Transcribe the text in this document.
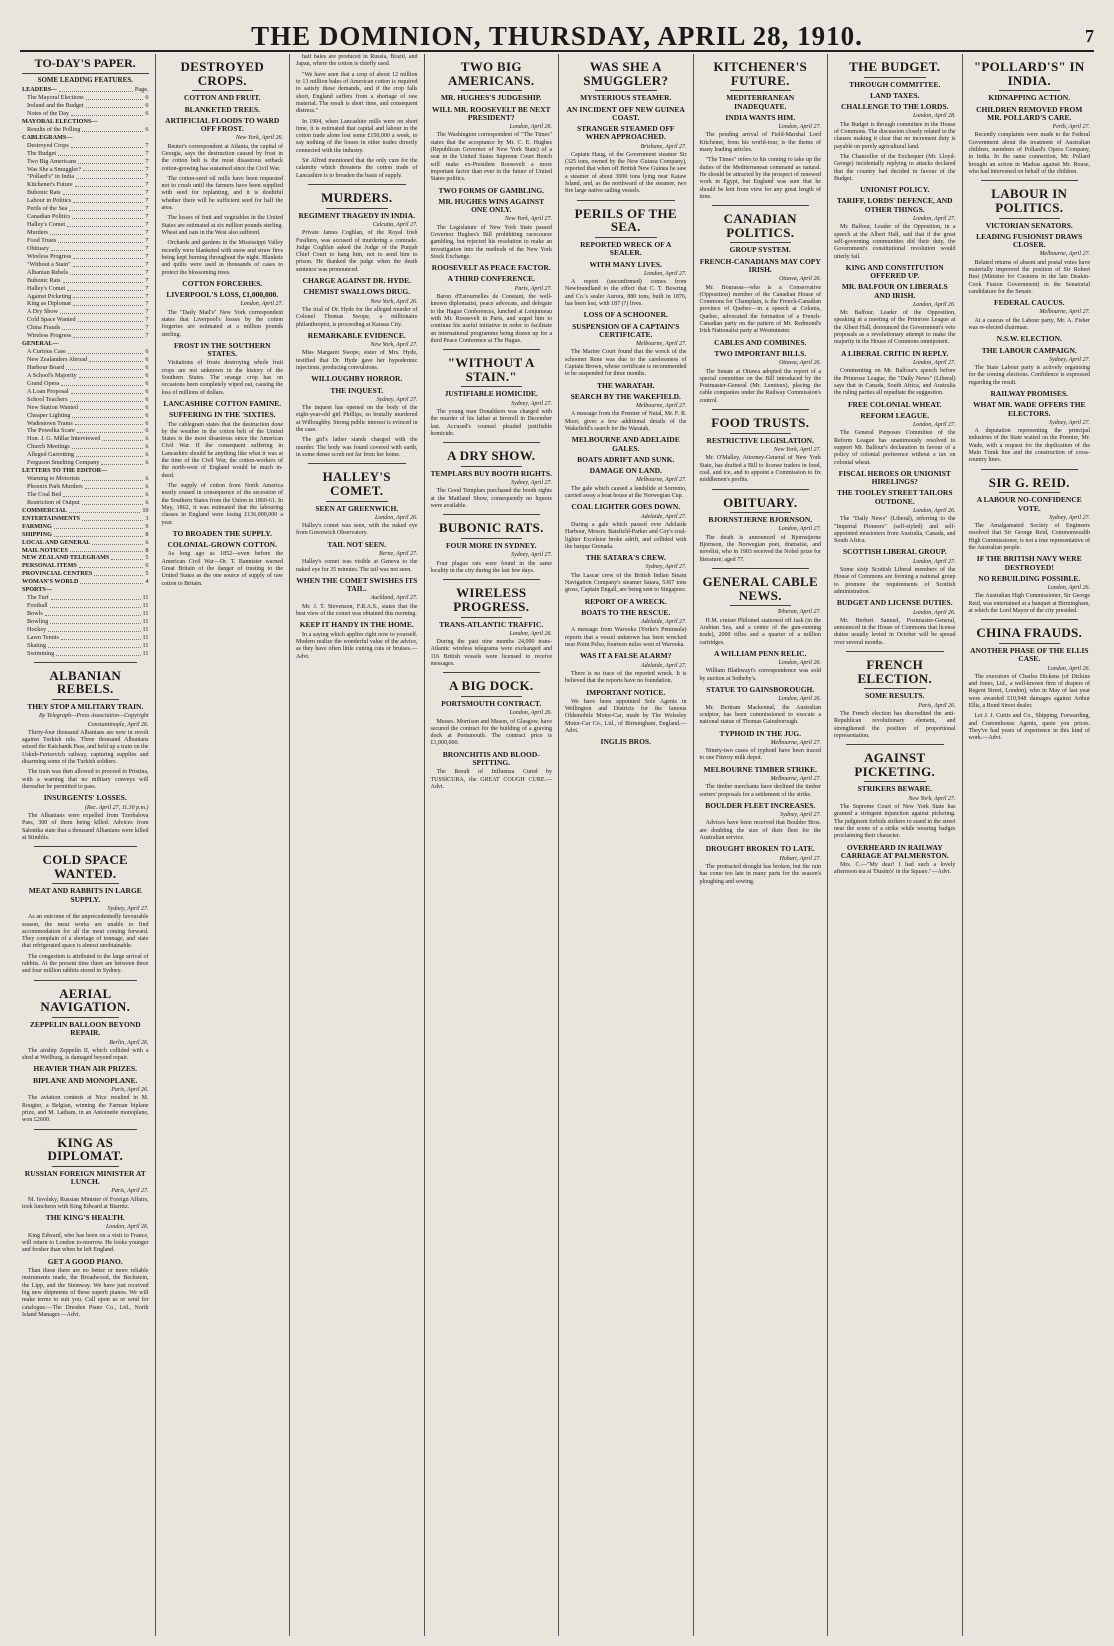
THE DOMINION, THURSDAY, APRIL 28, 1910.	7
TO-DAY'S PAPER.
SOME LEADING FEATURES.
LEADERS—	Page.
The Mayoral Elections	6
Ireland and the Budget	6
Notes of the Day	6
MAYORAL ELECTIONS—
Results of the Polling	6
CABLEGRAMS—
Destroyed Crops	7
The Budget	7
Two Big Americans	7
Was She a Smuggler?	7
"Pollard's" in India	7
Kitchener's Future	7
Bubonic Rats	7
Labour in Politics	7
Perils of the Sea	7
Canadian Politics	7
Halley's Comet	7
Murders	7
Food Trusts	7
Obituary	7
Wireless Progress	7
"Without a Stain"	7
Albanian Rebels	7
Bubonic Rats	7
Halley's Comet	7
Against Picketing	7
King as Diplomat	7
A Dry Show	7
Cold Space Wanted	7
China Frauds	7
Wireless Progress	7
GENERAL—
A Curious Case	6
New Zealanders Abroad	6
Harbour Board	6
A School's Majority	6
Grand Opera	6
A Loan Proposal	6
School Teachers	6
New Station Wanted	6
Cheaper Lighting	6
Wadestown Trams	6
The Powelka Scare	6
Hon. J. G. Millar Interviewed	6
Church Meetings	6
Alleged Garrotting	6
Ferguson Smelting Company	6
LETTERS TO THE EDITOR—
Warning to Motorists	6
Phoenix Park Murders	6
The Coal Bed	6
Restriction of Output	6
COMMERCIAL	10
ENTERTAINMENTS	3
FARMING	9
SHIPPING	8
LOCAL AND GENERAL	6
MAIL NOTICES	8
NEW ZEALAND TELEGRAMS	5
PERSONAL ITEMS	6
PROVINCIAL CENTRES	5
WOMAN'S WORLD	4
SPORTS—
The Turf	11
Football	11
Bowls	11
Bowling	11
Hockey	11
Lawn Tennis	11
Skating	11
Swimming	11
ALBANIAN REBELS.
THEY STOP A MILITARY TRAIN.
By Telegraph—Press Association—Copyright
Constantinople, April 26.

Thirty-four thousand Albanians are now in revolt against Turkish rule. Three thousand Albanians seized the Katchanik Pass, and held up a train on the Uskub-Ferisovich railway, capturing supplies and disarming some of the Turkish soldiers.

The train was then allowed to proceed to Pristina, with a warning that no military conveys will thereafter be permitted to pass.

INSURGENTS' LOSSES.
(Rec. April 27, 11.30 p.m.)

The Albanians were expelled from Tzerbalova Pass, 300 of them being killed. Advices from Salonika state that a thousand Albanians were killed at Stimblis.

COLD SPACE WANTED.
MEAT AND RABBITS IN LARGE SUPPLY.
Sydney, April 27.

As an outcome of the unprecedentedly favourable season, the meat works are unable to find accommodation for all the meat coming forward. They complain of a shortage of tonnage, and state that refrigerated space is almost unobtainable.

The congestion is attributed to the large arrival of rabbits. At the present time there are between three and four million rabbits stored in Sydney.

AERIAL NAVIGATION.
ZEPPELIN BALLOON BEYOND REPAIR.
Berlin, April 26.

The airship Zeppelin II, which collided with a shed at Weilburg, is damaged beyond repair.

HEAVIER THAN AIR PRIZES.
BIPLANE AND MONOPLANE.
Paris, April 26.

The aviation contests at Nice resulted in M. Rougier, a Belgian, winning the Farman biplane prize, and M. Latham, in an Antoinette monoplane, won £2600.

KING AS DIPLOMAT.
RUSSIAN FOREIGN MINISTER AT LUNCH.
Paris, April 27.

M. Isvolsky, Russian Minister of Foreign Affairs, took luncheon with King Edward at Biarritz.

THE KING'S HEALTH.
London, April 26.

King Edward, who has been on a visit to France, will return to London to-morrow. He looks younger and fresher than when he left England.

GET A GOOD PIANO.

Than these there are no better or more reliable instruments made, the Broadwood, the Bechstein, the Lipp, and the Steinway. We have just received big new shipments of these superb pianos. We will make terms to suit you. Call upon us or send for catalogue.—The Dresden Piano Co., Ltd., North Island Manager.—Advt.

DESTROYED CROPS.
COTTON AND FRUIT.
BLANKETED TREES.
ARTIFICIAL FLOODS TO WARD OFF FROST.
New York, April 26.

Reuter's correspondent at Atlanta, the capital of Georgia, says the destruction caused by frost in the cotton belt is the most disastrous setback cotton-growing has sustained since the Civil War.

The cotton-seed oil mills have been requested not to crush until the farmers have been supplied with seed for replanting, and it is doubtful whether there will be sufficient seed for half the area.

The losses of fruit and vegetables in the United States are estimated at six million pounds sterling. Wheat and oats in the West also suffered.

Orchards and gardens in the Mississippi Valley recently were blanketed with snow and straw fires being kept burning throughout the night. Blankets and quilts were used in thousands of cases to protect the blossoming trees.

COTTON FORCERIES.
LIVERPOOL'S LOSS, £1,000,000.
London, April 27.

The "Daily Mail's" New York correspondent states that Liverpool's losses by the cotton forgeries are estimated at a million pounds sterling.

FROST IN THE SOUTHERN STATES.

Visitations of frosts destroying whole fruit crops are not unknown in the history of the Southern States. The orange crop has on occasions been completely wiped out, causing the loss of millions of dollars.

LANCASHIRE COTTON FAMINE.
SUFFERING IN THE 'SIXTIES.

The cablegram states that the destruction done by the weather in the cotton belt of the United States is the most disastrous since the American Civil War. If the consequent suffering in Lancashire should be anything like what it was at the time of the Civil War, the cotton-workers of the north-west of England would be much in-deed.

The supply of cotton from North America nearly ceased in consequence of the secession of the Southern States from the Union in 1860-61. In May, 1862, it was estimated that the labouring classes in England were losing £136,000,000 a year.

TO BROADEN THE SUPPLY.
COLONIAL-GROWN COTTON.

As long ago as 1852—even before the American Civil War—Dr. T. Bannister warned Great Britain of the danger of trusting to the United States as the one source of supply of raw cotton to Britain.

half bales are produced in Russia, Brazil, and Japan, where the cotton is chiefly used.

"We have seen that a crop of about 12 million to 13 million bales of American cotton is required to satisfy these demands, and if the crop falls short, England suffers from a shortage of raw material. The result is short time, and consequent distress."

In 1904, when Lancashire mills were on short time, it is estimated that capital and labour in the cotton trade alone lost some £150,000 a week, to say nothing of the losses in other trades directly connected with the industry.

Sir Alfred mentioned that the only cure for the calamity which threatens the cotton trade of Lancashire is to broaden the basis of supply.

MURDERS.
REGIMENT TRAGEDY IN INDIA.
Calcutta, April 27.

Private James Coghlan, of the Royal Irish Fusiliers, was accused of murdering a comrade. Judge Coghlan asked the Judge of the Punjab Chief Court to hang him, not to send him to prison. He thanked the judge when the death sentence was pronounced.

CHARGE AGAINST DR. HYDE.
CHEMIST SWALLOWS DRUG.
New York, April 26.

The trial of Dr. Hyde for the alleged murder of Colonel Thomas Swope, a millionaire philanthropist, is proceeding at Kansas City.

REMARKABLE EVIDENCE.
New York, April 27.

Miss Margaret Swope, sister of Mrs. Hyde, testified that Dr. Hyde gave her hypodermic injections, producing convulsions.

WILLOUGHBY HORROR.
THE INQUEST.
Sydney, April 27.

The inquest has opened on the body of the eight-year-old girl Phillips, so brutally murdered at Willoughby. Strong public interest is evinced in the case.

The girl's father stands charged with the murder. The body was found covered with earth, in some dense scrub not far from her home.

HALLEY'S COMET.
SEEN AT GREENWICH.
London, April 26.

Halley's comet was seen, with the naked eye from Greenwich Observatory.

TAIL NOT SEEN.
Berne, April 27.

Halley's comet was visible at Geneva to the naked eye for 35 minutes. The tail was not seen.

WHEN THE COMET SWISHES ITS TAIL.
Auckland, April 27.

Mr. J. T. Stevenson, F.R.A.S., states that the best view of the comet was obtained this morning.

KEEP IT HANDY IN THE HOME.

In a saying which applies right now to yourself. Modern realize the wonderful value of the advice, as they have often little cutting cuts or bruises.—Advt.

TWO BIG AMERICANS.
MR. HUGHES'S JUDGESHIP.
WILL MR. ROOSEVELT BE NEXT PRESIDENT?
London, April 26.

The Washington correspondent of "The Times" states that the acceptance by Mr. C. E. Hughes (Republican Governor of New York State) of a seat in the United States Supreme Court Bench will make ex-President Roosevelt a more important factor than ever in the future of United States politics.

TWO FORMS OF GAMBLING.
MR. HUGHES WINS AGAINST ONE ONLY.
New York, April 27.

The Legislature of New York State passed Governor Hughes's Bill prohibiting racecourse gambling, but rejected his resolution to make an investigation into the methods of the New York Stock Exchange.

ROOSEVELT AS PEACE FACTOR.
A THIRD CONFERENCE.
Paris, April 27.

Baron d'Estournelles de Constant, the well-known diplomatist, peace advocate, and delegate to the Hague Conferences, lunched at Lonjumeau with Mr. Roosevelt in Paris, and urged him to continue his useful initiative in order to facilitate an international programme being drawn up for a third Peace Conference at The Hague.

"WITHOUT A STAIN."
JUSTIFIABLE HOMICIDE.
Sydney, April 27.

The young man Donaldson was charged with the murder of his father at Inverell in December last. Accused's counsel pleaded justifiable homicide.

A DRY SHOW.
TEMPLARS BUY BOOTH RIGHTS.
Sydney, April 27.

The Good Templars purchased the booth rights at the Maitland Show, consequently no liquors were available.

BUBONIC RATS.
FOUR MORE IN SYDNEY.
Sydney, April 27.

Four plague rats were found in the same locality in the city during the last few days.

WIRELESS PROGRESS.
TRANS-ATLANTIC TRAFFIC.
London, April 26.

During the past nine months 24,000 trans-Atlantic wireless telegrams were exchanged and 116 British vessels were licensed to receive messages.

A BIG DOCK.
PORTSMOUTH CONTRACT.
London, April 26.

Messrs. Morrison and Mason, of Glasgow, have secured the contract for the building of a graving dock at Portsmouth. The contract price is £1,000,000.

BRONCHITIS AND BLOOD-SPITTING.

The Result of Influenza Cured by TUSSICURA, the GREAT COUGH CURE.—Advt.

WAS SHE A SMUGGLER?
MYSTERIOUS STEAMER.
AN INCIDENT OFF NEW GUINEA COAST.
STRANGER STEAMED OFF WHEN APPROACHED.
Brisbane, April 27.

Captain Haug, of the Government steamer Sir (325 tons, owned by the New Guinea Company), reported that when off British New Guinea he saw a steamer of about 3000 tons lying near Kataw Island, and, as the northward of the steamer, two fire large native sailing vessels.

PERILS OF THE SEA.
REPORTED WRECK OF A SEALER.
WITH MANY LIVES.
London, April 27.

A report (unconfirmed) comes from Newfoundland to the effect that C. T. Bowring and Co.'s sealer Aurora, 880 tons, built in 1876, has been lost, with 187 (?) lives.

LOSS OF A SCHOONER.
SUSPENSION OF A CAPTAIN'S CERTIFICATE.
Melbourne, April 27.

The Marine Court found that the wreck of the schooner Rene was due to the carelessness of Captain Brown, whose certificate is recommended to be suspended for three months.

THE WARATAH.
SEARCH BY THE WAKEFIELD.
Melbourne, April 27.

A message from the Premier of Natal, Mr. F. R. Moor, gives a few additional details of the Wakefield's search for the Waratah.

MELBOURNE AND ADELAIDE GALES.
BOATS ADRIFT AND SUNK.
DAMAGE ON LAND.
Melbourne, April 27.

The gale which caused a landslide at Sorrento, carried away a boat house at the Norwegian Cup.

COAL LIGHTER GOES DOWN.
Adelaide, April 27.

During a gale which passed over Adelaide Harbour, Messrs. Baisfield-Parker and Coy's coal-lighter Excelsior broke adrift, and collided with the barque Grenada.

THE SATARA'S CREW.
Sydney, April 27.

The Lascar crew of the British Indian Steam Navigation Company's steamer Satara, 5367 tons gross, Captain Engall, are being sent to Singapore.

REPORT OF A WRECK.
BOATS TO THE RESCUE.
Adelaide, April 27.

A message from Warooka (Yorke's Peninsula) reports that a vessel unknown has been wrecked near Point Pelso, fourteen miles west of Warooka.

WAS IT A FALSE ALARM?
Adelaide, April 27.

There is no trace of the reported wreck. It is believed that the reports have no foundation.

IMPORTANT NOTICE.

We have been appointed Sole Agents in Wellington and Districts for the famous Oldsmobile Motor-Car, made by The Wolseley Motor-Car Co., Ltd., of Birmingham, England.—Advt.

INGLIS BROS.
KITCHENER'S FUTURE.
MEDITERRANEAN INADEQUATE.
INDIA WANTS HIM.
London, April 27.

The pending arrival of Field-Marshal Lord Kitchener, from his world-tour, is the theme of many leading articles.

"The Times" refers to his coming to take up the duties of the Mediterranean command as natural. He should be attracted by the prospect of renewed work in Egypt, but England was sure that he should be lent from view for any great length of time.

CANADIAN POLITICS.
GROUP SYSTEM.
FRENCH-CANADIANS MAY COPY IRISH.
Ottawa, April 26.

Mr. Bourassa—who is a Conservative (Opposition) member of the Canadian House of Commons for Champlain, is the French-Canadian province of Quebec—in a speech at Colonia, Quebec, advocated the formation of a French-Canadian party on the pattern of Mr. Redmond's Irish Nationalist party at Westminster.

CABLES AND COMBINES.
TWO IMPORTANT BILLS.
Ottawa, April 26.

The Senate at Ottawa adopted the report of a special committee on the Bill introduced by the Postmaster-General (Mr. Lemieux), placing the cable companies under the Railway Commission's control.

FOOD TRUSTS.
RESTRICTIVE LEGISLATION.
New York, April 27.

Mr. O'Malley, Attorney-General of New York State, has drafted a Bill to license traders in food, coal, and ice, and to appoint a Commission to fix middlemen's profits.

OBITUARY.
BJORNSTJERNE BJORNSON.
London, April 27.

The death is announced of Bjornstjerne Bjornson, the Norwegian poet, dramatist, and novelist, who in 1903 received the Nobel prize for literature; aged 77.

GENERAL CABLE NEWS.
Teheran, April 27.

H.M. cruiser Philomel stationed off Jask (in the Arabian Sea, and a centre of the gun-running trade), 2000 rifles and a quarter of a million cartridges.

A WILLIAM PENN RELIC.
London, April 26.

William Blathwayt's correspondence was sold by auction at Sotheby's.

STATUE TO GAINSBOROUGH.
London, April 26.

Mr. Bertram Mackennal, the Australian sculptor, has been commissioned to execute a national statue of Thomas Gainsborough.

TYPHOID IN THE JUG.
Melbourne, April 27.

Ninety-two cases of typhoid have been traced to one Fitzroy milk depot.

MELBOURNE TIMBER STRIKE.
Melbourne, April 27.

The timber merchants have declined the timber sorters' proposals for a settlement of the strike.

BOULDER FLEET INCREASES.
Sydney, April 27.

Advices have been received that Boulder Bros. are doubling the size of their fleet for the Australian service.

DROUGHT BROKEN TO LATE.
Hobart, April 27.

The protracted drought has broken, but the rain has come too late in many parts for the season's ploughing and sowing.

THE BUDGET.
THROUGH COMMITTEE.
LAND TAXES.
CHALLENGE TO THE LORDS.
London, April 28.

The Budget is through committee in the House of Commons. The discussion closely related to the clauses making it clear that no increment duty is payable on purely agricultural land.

The Chancellor of the Exchequer (Mr. Lloyd-George) incidentally replying to attacks declared that the country had decided in favour of the Budget.

UNIONIST POLICY.
TARIFF, LORDS' DEFENCE, AND OTHER THINGS.
London, April 27.

Mr. Balfour, Leader of the Opposition, in a speech at the Albert Hall, said that if the great self-governing communities did their duty, the Government's constitutional revolution would utterly fail.

KING AND CONSTITUTION OFFERED UP.
MR. BALFOUR ON LIBERALS AND IRISH.
London, April 26.

Mr. Balfour, Leader of the Opposition, speaking at a meeting of the Primrose League at the Albert Hall, denounced the Government's veto proposals as a revolutionary attempt to make the majority in the House of Commons omnipotent.

A LIBERAL CRITIC IN REPLY.
London, April 27.

Commenting on Mr. Balfour's speech before the Primrose League, the "Daily News" (Liberal) says that in Canada, South Africa, and Australia the ruling parties all repudiate the suggestion.

FREE COLONIAL WHEAT.
REFORM LEAGUE.
London, April 27.

The General Purposes Committee of the Reform League has unanimously resolved to support Mr. Balfour's declaration in favour of a policy of colonial preference without a tax on colonial wheat.

FISCAL HEROES OR UNIONIST HIRELINGS?
THE TOOLEY STREET TAILORS OUTDONE.
London, April 26.

The "Daily News" (Liberal), referring to the "Imperial Pioneers" (self-styled) and self-appointed missioners from Australia, Canada, and South Africa.

SCOTTISH LIBERAL GROUP.
London, April 27.

Some sixty Scottish Liberal members of the House of Commons are forming a national group to promote the requirements of Scottish administration.

BUDGET AND LICENSE DUTIES.
London, April 26.

Mr. Herbert Samuel, Postmaster-General, announced in the House of Commons that license duties usually levied in October will be spread over several months.

FRENCH ELECTION.
SOME RESULTS.
Paris, April 26.

The French election has discredited the anti-Republican revolutionary element, and strengthened the position of proportional representation.

AGAINST PICKETING.
STRIKERS BEWARE.
New York, April 27.

The Supreme Court of New York State has granted a stringent injunction against picketing. The judgment forbids strikers to stand in the street near the scene of a strike while wearing badges proclaiming their character.

OVERHEARD IN RAILWAY CARRIAGE AT PALMERSTON.

Mrs. C.—"My dear! I had such a lovely afternoon tea at 'Dustin's' in the Square."—Advt.

"POLLARD'S" IN INDIA.
KIDNAPPING ACTION.
CHILDREN REMOVED FROM MR. POLLARD'S CARE.
Perth, April 27.

Recently complaints were made to the Federal Government about the treatment of Australian children, members of Pollard's Opera Company, in India. In the same connection, Mr. Pollard brought an action in Madras against Mr. Rouse, who had intervened on behalf of the children.

LABOUR IN POLITICS.
VICTORIAN SENATORS.
LEADING FUSIONIST DRAWS CLOSER.
Melbourne, April 27.

Belated returns of absent and postal votes have materially improved the position of Sir Robert Best (Minister for Customs in the late Deakin-Cook Fusion Government) in the Senatorial candidature for the Senate.

FEDERAL CAUCUS.
Melbourne, April 27.

At a caucus of the Labour party, Mr. A. Fisher was re-elected chairman.

N.S.W. ELECTION.
THE LABOUR CAMPAIGN.
Sydney, April 27.

The State Labour party is actively organising for the coming elections. Confidence is expressed regarding the result.

RAILWAY PROMISES.
WHAT MR. WADE OFFERS THE ELECTORS.
Sydney, April 27.

A deputation representing the principal industries of the State waited on the Premier, Mr. Wade, with a request for the duplication of the Main Trunk line and the construction of cross-country lines.

SIR G. REID.
A LABOUR NO-CONFIDENCE VOTE.
Sydney, April 27.

The Amalgamated Society of Engineers resolved that Sir George Reid, Commonwealth High Commissioner, is not a true representative of the Australian people.

IF THE BRITISH NAVY WERE DESTROYED!
NO REBUILDING POSSIBLE.
London, April 26.

The Australian High Commissioner, Sir George Reid, was entertained at a banquet at Birmingham, at which the Lord Mayor of the city presided.

CHINA FRAUDS.
ANOTHER PHASE OF THE ELLIS CASE.
London, April 26.

The executors of Charles Dickens (of Dickins and Jones, Ltd., a well-known firm of drapers of Regent Street, London), who in May of last year were awarded £10,948 damages against Arthur Ellis, a Bond Street dealer.

Let J. J. Curtis and Co., Shipping, Forwarding, and Customhouse Agents, quote you prices. They've had years of experience in this kind of work.—Advt.
